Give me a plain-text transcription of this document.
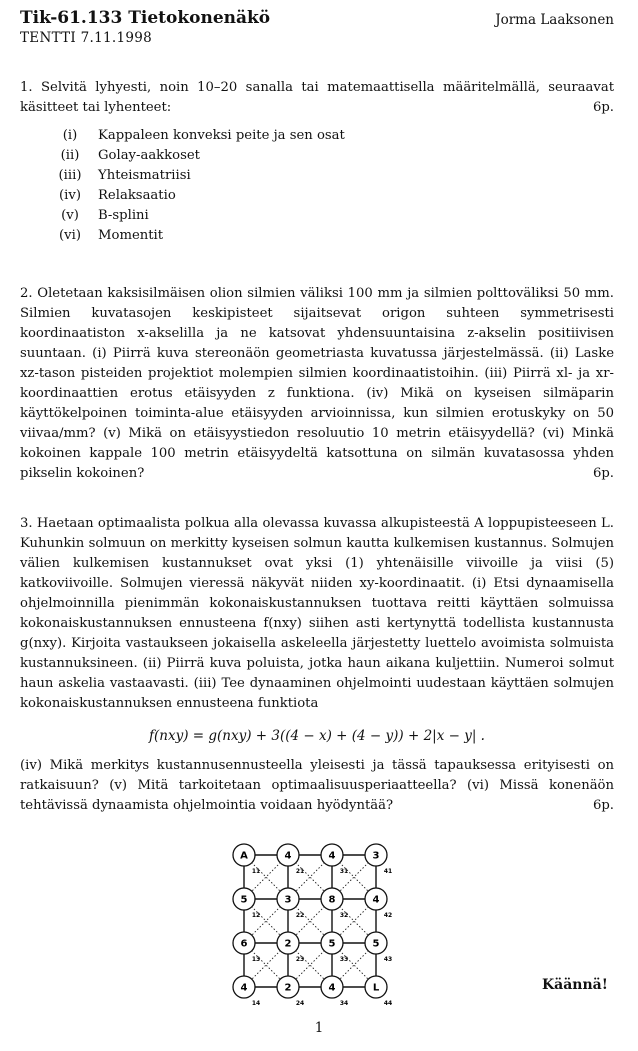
Tik-61.133 Tietokonenäkö	Jorma Laaksonen
TENTTI 7.11.1998

1. Selvitä lyhyesti, noin 10–20 sanalla tai matemaattisella määritelmällä, seuraavat käsitteet tai lyhenteet:	6p.

(i)	Kappaleen konveksi peite ja sen osat
(ii)	Golay-aakkoset
(iii)	Yhteismatriisi
(iv)	Relaksaatio
(v)	B-splini
(vi)	Momentit

2. Oletetaan kaksisilmäisen olion silmien väliksi 100 mm ja silmien polttoväliksi 50 mm. Silmien kuvatasojen keskipisteet sijaitsevat origon suhteen symmetrisesti koordinaatiston x-akselilla ja ne katsovat yhdensuuntaisina z-akselin positiivisen suuntaan. (i) Piirrä kuva stereonäön geometriasta kuvatussa järjestelmässä. (ii) Laske xz-tason pisteiden projektiot molempien silmien koordinaatistoihin. (iii) Piirrä xl- ja xr-koordinaattien erotus etäisyyden z funktiona. (iv) Mikä on kyseisen silmäparin käyttökelpoinen toiminta-alue etäisyyden arvioinnissa, kun silmien erotuskyky on 50 viivaa/mm? (v) Mikä on etäisyystiedon resoluutio 10 metrin etäisyydellä? (vi) Minkä kokoinen kappale 100 metrin etäisyydeltä katsottuna on silmän kuvatasossa yhden pikselin kokoinen?	6p.

3. Haetaan optimaalista polkua alla olevassa kuvassa alkupisteestä A loppupisteeseen L. Kuhunkin solmuun on merkitty kyseisen solmun kautta kulkemisen kustannus. Solmujen välien kulkemisen kustannukset ovat yksi (1) yhtenäisille viivoille ja viisi (5) katkoviivoille. Solmujen vieressä näkyvät niiden xy-koordinaatit. (i) Etsi dynaamisella ohjelmoinnilla pienimmän kokonaiskustannuksen tuottava reitti käyttäen solmuissa kokonaiskustannuksen ennusteena f(nxy) siihen asti kertynyttä todellista kustannusta g(nxy). Kirjoita vastaukseen jokaisella askeleella järjestetty luettelo avoimista solmuista kustannuksineen. (ii) Piirrä kuva poluista, jotka haun aikana kuljettiin. Numeroi solmut haun askelia vastaavasti. (iii) Tee dynaaminen ohjelmointi uudestaan käyttäen solmujen kokonaiskustannuksen ennusteena funktiota

f(nxy) = g(nxy) + 3((4 − x) + (4 − y)) + 2|x − y| .

(iv) Mikä merkitys kustannusennusteella yleisesti ja tässä tapauksessa erityisesti on ratkaisuun? (v) Mitä tarkoitetaan optimaalisuusperiaatteella? (vi) Missä konenäön tehtävissä dynaamista ohjelmointia voidaan hyödyntää?	6p.

A
11
4
21
4
31
3
41
5
12
3
22
8
32
4
42
6
13
2
23
5
33
5
43
4
14
2
24
4
34
L
44
Käännä!
1
